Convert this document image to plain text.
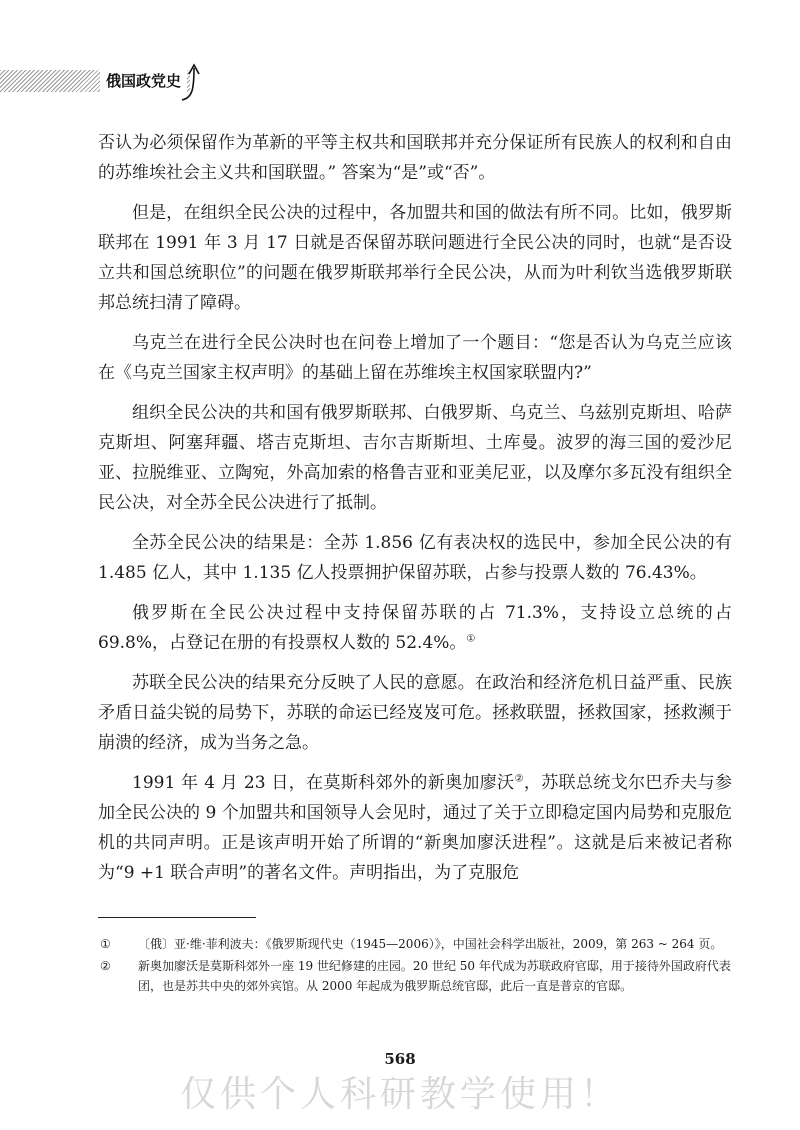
俄国政党史

否认为必须保留作为革新的平等主权共和国联邦并充分保证所有民族人的权利和自由的苏维埃社会主义共和国联盟。” 答案为“是”或“否”。

但是，在组织全民公决的过程中，各加盟共和国的做法有所不同。比如，俄罗斯联邦在 1991 年 3 月 17 日就是否保留苏联问题进行全民公决的同时，也就“是否设立共和国总统职位”的问题在俄罗斯联邦举行全民公决，从而为叶利钦当选俄罗斯联邦总统扫清了障碍。

乌克兰在进行全民公决时也在问卷上增加了一个题目：“您是否认为乌克兰应该在《乌克兰国家主权声明》的基础上留在苏维埃主权国家联盟内?”

组织全民公决的共和国有俄罗斯联邦、白俄罗斯、乌克兰、乌兹别克斯坦、哈萨克斯坦、阿塞拜疆、塔吉克斯坦、吉尔吉斯斯坦、土库曼。波罗的海三国的爱沙尼亚、拉脱维亚、立陶宛，外高加索的格鲁吉亚和亚美尼亚，以及摩尔多瓦没有组织全民公决，对全苏全民公决进行了抵制。

全苏全民公决的结果是：全苏 1.856 亿有表决权的选民中，参加全民公决的有 1.485 亿人，其中 1.135 亿人投票拥护保留苏联，占参与投票人数的 76.43%。

俄罗斯在全民公决过程中支持保留苏联的占 71.3%，支持设立总统的占 69.8%，占登记在册的有投票权人数的 52.4%。①

苏联全民公决的结果充分反映了人民的意愿。在政治和经济危机日益严重、民族矛盾日益尖锐的局势下，苏联的命运已经岌岌可危。拯救联盟，拯救国家，拯救濒于崩溃的经济，成为当务之急。

1991 年 4 月 23 日，在莫斯科郊外的新奥加廖沃②，苏联总统戈尔巴乔夫与参加全民公决的 9 个加盟共和国领导人会见时，通过了关于立即稳定国内局势和克服危机的共同声明。正是该声明开始了所谓的“新奥加廖沃进程”。这就是后来被记者称为“9 +1 联合声明”的著名文件。声明指出，为了克服危

①	〔俄〕亚·维·菲利波夫：《俄罗斯现代史（1945—2006）》，中国社会科学出版社，2009，第 263 ~ 264 页。
②	新奥加廖沃是莫斯科郊外一座 19 世纪修建的庄园。20 世纪 50 年代成为苏联政府官邸，用于接待外国政府代表团，也是苏共中央的郊外宾馆。从 2000 年起成为俄罗斯总统官邸，此后一直是普京的官邸。
568
仅供个人科研教学使用！
